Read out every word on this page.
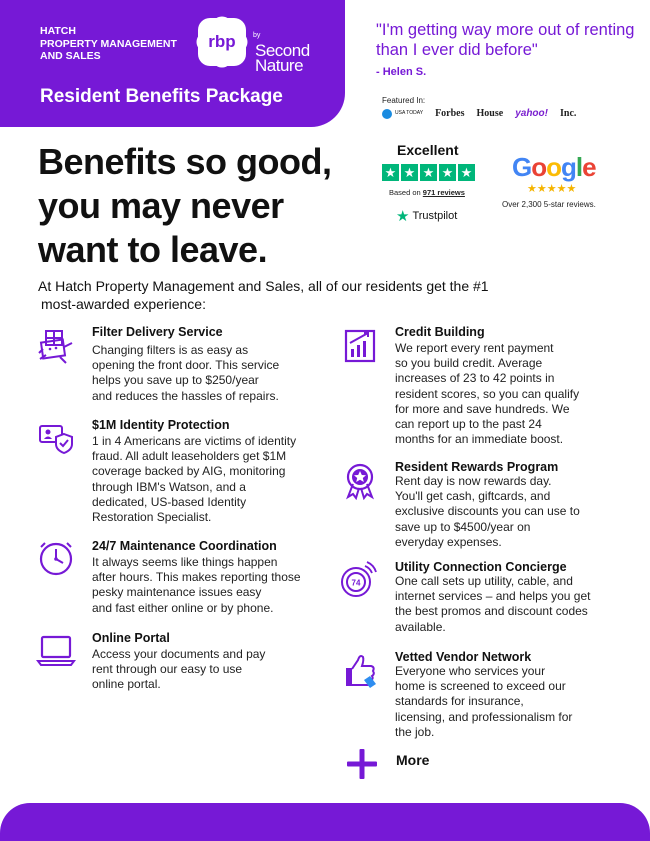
HATCH
PROPERTY MANAGEMENT
AND SALES
rbp by
Second
Nature
Resident Benefits Package
"I'm getting way more out of renting than I ever did before"
- Helen S.
Featured In:
USA TODAY Forbes House yahoo! Inc.
Benefits so good,
you may never
want to leave.
Excellent
★ ★ ★ ★ ★
Based on 971 reviews
★ Trustpilot
Google
★★★★★
Over 2,300 5-star reviews.
At Hatch Property Management and Sales, all of our residents get the #1
most-awarded experience:
Filter Delivery Service
Changing filters is as easy as
opening the front door. This service
helps you save up to $250/year
and reduces the hassles of repairs.
$1M Identity Protection
1 in 4 Americans are victims of identity
fraud. All adult leaseholders get $1M
coverage backed by AIG, monitoring
through IBM's Watson, and a
dedicated, US-based Identity
Restoration Specialist.
24/7 Maintenance Coordination
It always seems like things happen
after hours. This makes reporting those
pesky maintenance issues easy
and fast either online or by phone.
Online Portal
Access your documents and pay
rent through our easy to use
online portal.
Credit Building
We report every rent payment
so you build credit. Average
increases of 23 to 42 points in
resident scores, so you can qualify
for more and save hundreds. We
can report up to the past 24
months for an immediate boost.
Resident Rewards Program
Rent day is now rewards day.
You'll get cash, giftcards, and
exclusive discounts you can use to
save up to $4500/year on
everyday expenses.
74
Utility Connection Concierge
One call sets up utility, cable, and
internet services – and helps you get
the best promos and discount codes
available.
Vetted Vendor Network
Everyone who services your
home is screened to exceed our
standards for insurance,
licensing, and professionalism for
the job.
More
